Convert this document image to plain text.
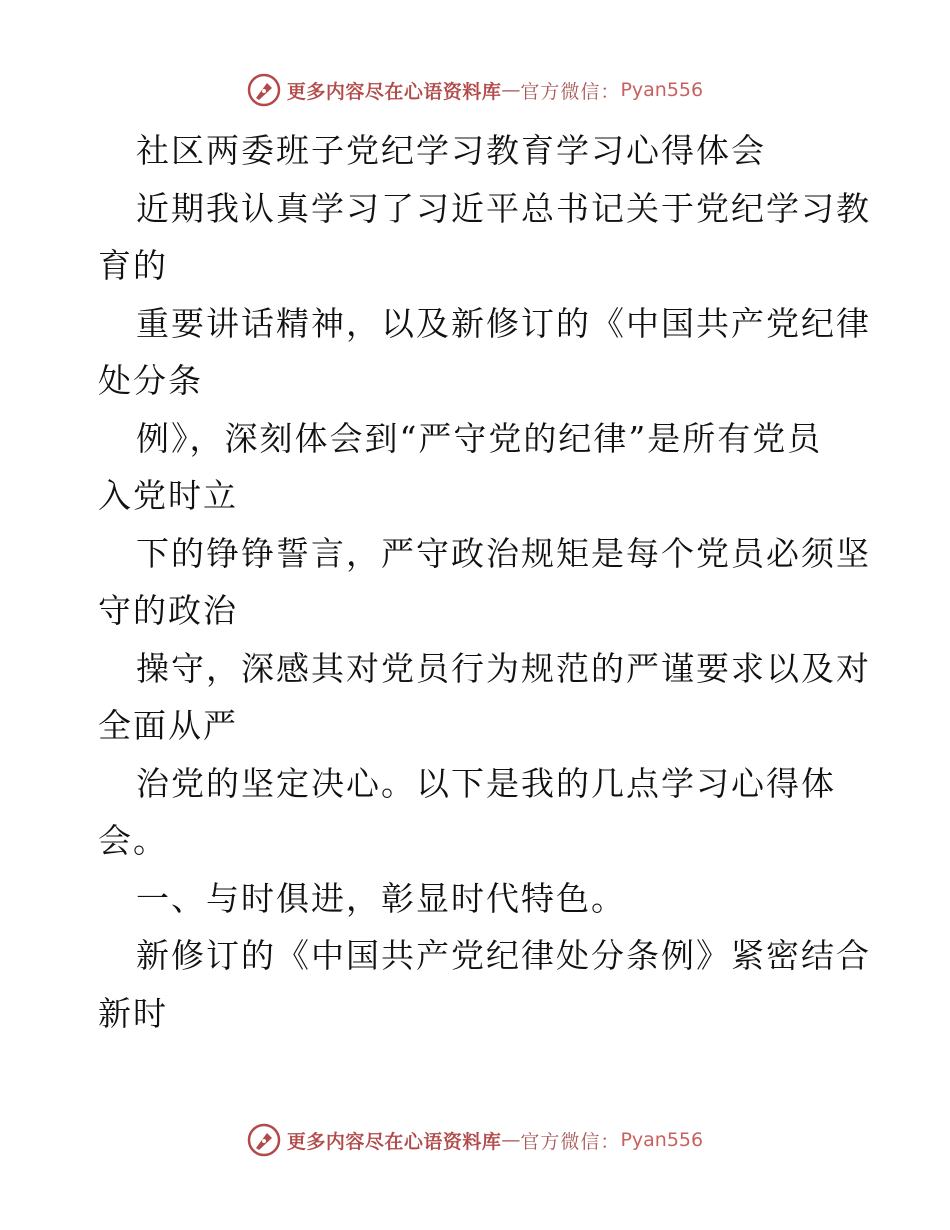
更多内容尽在心语资料库 — 官方微信： Pyan556
社区两委班子党纪学习教育学习心得体会
近期我认真学习了习近平总书记关于党纪学习教
育的
重要讲话精神，以及新修订的《中国共产党纪律
处分条
例》，深刻体会到“严守党的纪律”是所有党员
入党时立
下的铮铮誓言，严守政治规矩是每个党员必须坚
守的政治
操守，深感其对党员行为规范的严谨要求以及对
全面从严
治党的坚定决心。以下是我的几点学习心得体
会。
一、与时俱进，彰显时代特色。
新修订的《中国共产党纪律处分条例》紧密结合
新时
更多内容尽在心语资料库 — 官方微信： Pyan556
